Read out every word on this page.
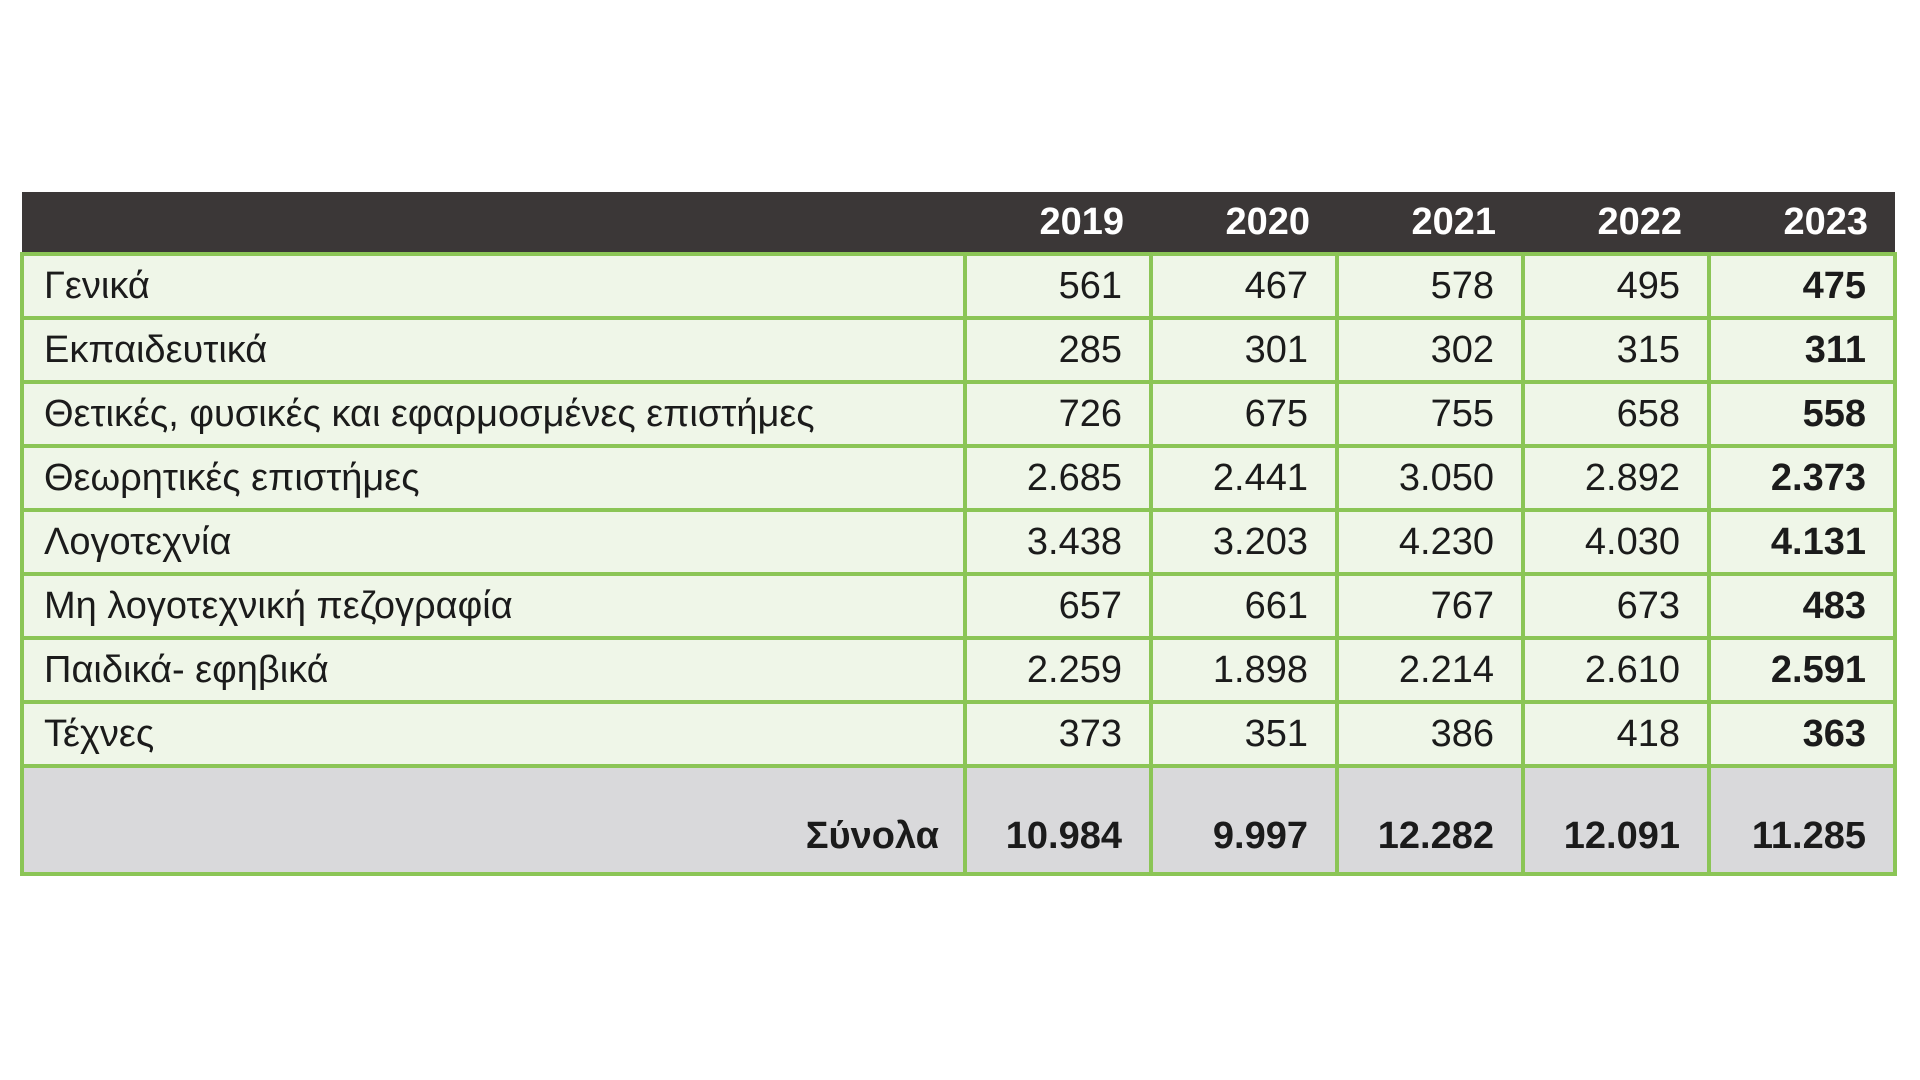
	2019	2020	2021	2022	2023
Γενικά	561	467	578	495	475
Εκπαιδευτικά	285	301	302	315	311
Θετικές, φυσικές και εφαρμοσμένες επιστήμες	726	675	755	658	558
Θεωρητικές επιστήμες	2.685	2.441	3.050	2.892	2.373
Λογοτεχνία	3.438	3.203	4.230	4.030	4.131
Μη λογοτεχνική πεζογραφία	657	661	767	673	483
Παιδικά- εφηβικά	2.259	1.898	2.214	2.610	2.591
Τέχνες	373	351	386	418	363
Σύνολα	10.984	9.997	12.282	12.091	11.285
